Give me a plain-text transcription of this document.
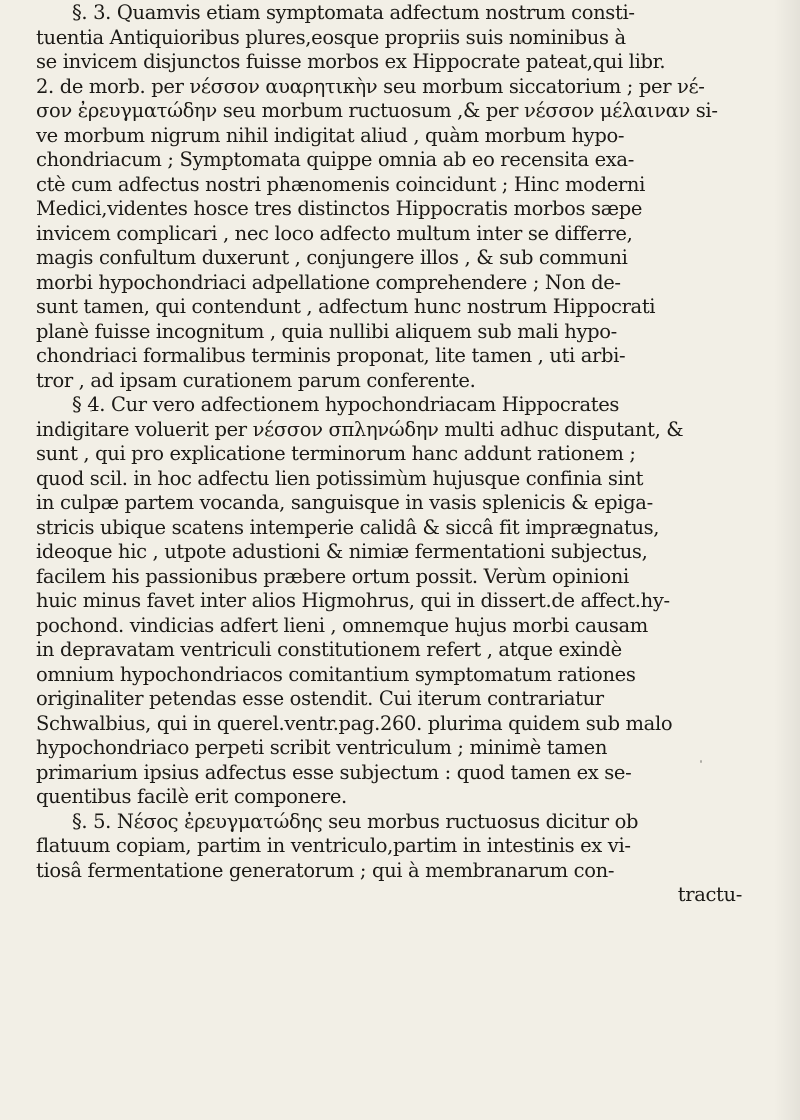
§. 3. Quamvis etiam symptomata adfectum nostrum consti-
tuentia Antiquioribus plures,eosque propriis suis nominibus à
se invicem disjunctos fuisse morbos ex Hippocrate pateat,qui libr.
2. de morb. per νέσσον αυαρητικὴν seu morbum siccatorium ; per νέ-
σον ἐρευγματώδην seu morbum ructuosum ,& per νέσσον μέλαιναν si-
ve morbum nigrum nihil indigitat aliud , quàm morbum hypo-
chondriacum ; Symptomata quippe omnia ab eo recensita exa-
ctè cum adfectus nostri phænomenis coincidunt ; Hinc moderni
Medici,videntes hosce tres distinctos Hippocratis morbos sæpe
invicem complicari , nec loco adfecto multum inter se differre,
magis confultum duxerunt , conjungere illos , & sub communi
morbi hypochondriaci adpellatione comprehendere ; Non de-
sunt tamen, qui contendunt , adfectum hunc nostrum Hippocrati
planè fuisse incognitum , quia nullibi aliquem sub mali hypo-
chondriaci formalibus terminis proponat, lite tamen , uti arbi-
tror , ad ipsam curationem parum conferente.
§ 4. Cur vero adfectionem hypochondriacam Hippocrates
indigitare voluerit per νέσσον σπληνώδην multi adhuc disputant, &
sunt , qui pro explicatione terminorum hanc addunt rationem ;
quod scil. in hoc adfectu lien potissimùm hujusque confinia sint
in culpæ partem vocanda, sanguisque in vasis splenicis & epiga-
stricis ubique scatens intemperie calidâ & siccâ fit imprægnatus,
ideoque hic , utpote adustioni & nimiæ fermentationi subjectus,
facilem his passionibus præbere ortum possit. Verùm opinioni
huic minus favet inter alios Higmohrus, qui in dissert.de affect.hy-
pochond. vindicias adfert lieni , omnemque hujus morbi causam
in depravatam ventriculi constitutionem refert , atque exindè
omnium hypochondriacos comitantium symptomatum rationes
originaliter petendas esse ostendit. Cui iterum contrariatur
Schwalbius, qui in querel.ventr.pag.260. plurima quidem sub malo
hypochondriaco perpeti scribit ventriculum ; minimè tamen
primarium ipsius adfectus esse subjectum : quod tamen ex se-
quentibus facilè erit componere.
§. 5. Νέσος ἐρευγματώδης seu morbus ructuosus dicitur ob
flatuum copiam, partim in ventriculo,partim in intestinis ex vi-
tiosâ fermentatione generatorum ; qui à membranarum con-
tractu-
